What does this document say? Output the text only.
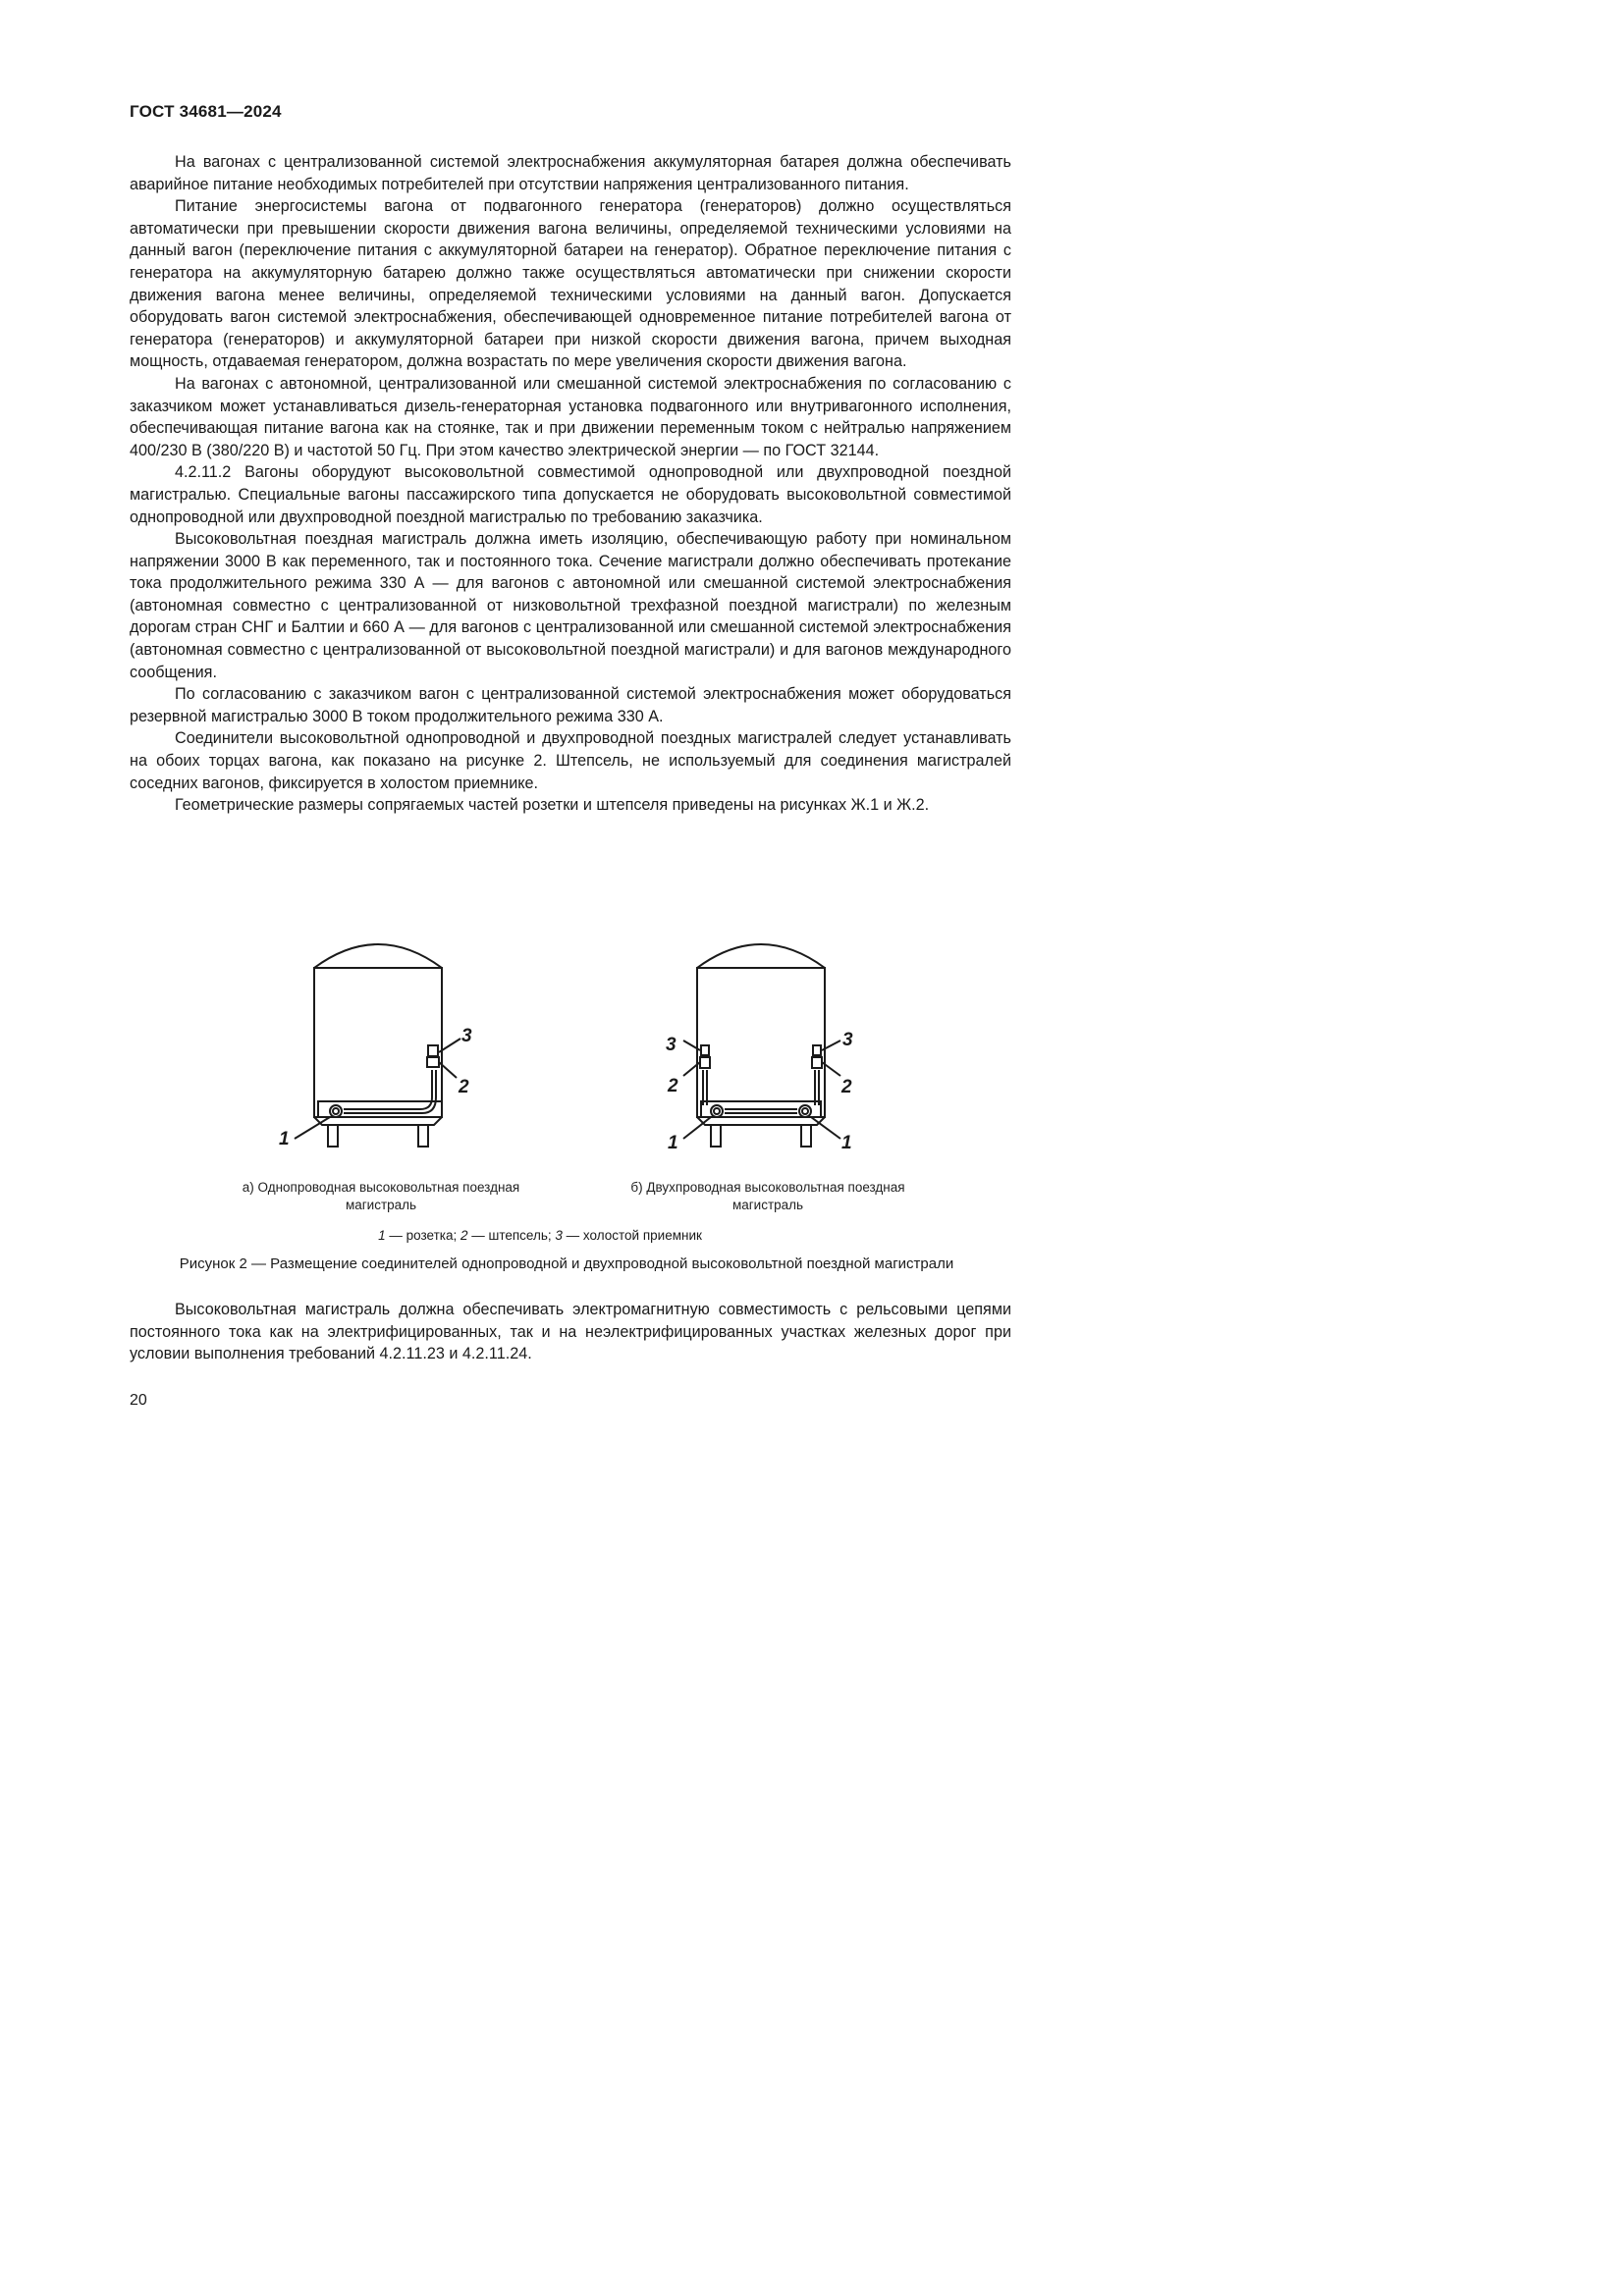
ГОСТ 34681—2024

На вагонах с централизованной системой электроснабжения аккумуляторная батарея должна обеспечивать аварийное питание необходимых потребителей при отсутствии напряжения централизованного питания.

Питание энергосистемы вагона от подвагонного генератора (генераторов) должно осуществляться автоматически при превышении скорости движения вагона величины, определяемой техническими условиями на данный вагон (переключение питания с аккумуляторной батареи на генератор). Обратное переключение питания с генератора на аккумуляторную батарею должно также осуществляться автоматически при снижении скорости движения вагона менее величины, определяемой техническими условиями на данный вагон. Допускается оборудовать вагон системой электроснабжения, обеспечивающей одновременное питание потребителей вагона от генератора (генераторов) и аккумуляторной батареи при низкой скорости движения вагона, причем выходная мощность, отдаваемая генератором, должна возрастать по мере увеличения скорости движения вагона.

На вагонах с автономной, централизованной или смешанной системой электроснабжения по согласованию с заказчиком может устанавливаться дизель-генераторная установка подвагонного или внутривагонного исполнения, обеспечивающая питание вагона как на стоянке, так и при движении переменным током с нейтралью напряжением 400/230 В (380/220 В) и частотой 50 Гц. При этом качество электрической энергии — по ГОСТ 32144.

4.2.11.2 Вагоны оборудуют высоковольтной совместимой однопроводной или двухпроводной поездной магистралью. Специальные вагоны пассажирского типа допускается не оборудовать высоковольтной совместимой однопроводной или двухпроводной поездной магистралью по требованию заказчика.

Высоковольтная поездная магистраль должна иметь изоляцию, обеспечивающую работу при номинальном напряжении 3000 В как переменного, так и постоянного тока. Сечение магистрали должно обеспечивать протекание тока продолжительного режима 330 А — для вагонов с автономной или смешанной системой электроснабжения (автономная совместно с централизованной от низковольтной трехфазной поездной магистрали) по железным дорогам стран СНГ и Балтии и 660 А — для вагонов с централизованной или смешанной системой электроснабжения (автономная совместно с централизованной от высоковольтной поездной магистрали) и для вагонов международного сообщения.

По согласованию с заказчиком вагон с централизованной системой электроснабжения может оборудоваться резервной магистралью 3000 В током продолжительного режима 330 А.

Соединители высоковольтной однопроводной и двухпроводной поездных магистралей следует устанавливать на обоих торцах вагона, как показано на рисунке 2. Штепсель, не используемый для соединения магистралей соседних вагонов, фиксируется в холостом приемнике.

Геометрические размеры сопрягаемых частей розетки и штепселя приведены на рисунках Ж.1 и Ж.2.

3
2
1
3
2
1
3
2
1
а) Однопроводная высоковольтная поездная
магистраль
б) Двухпроводная высоковольтная поездная
магистраль
1 — розетка; 2 — штепсель; 3 — холостой приемник
Рисунок 2 — Размещение соединителей однопроводной и двухпроводной высоковольтной поездной магистрали

Высоковольтная магистраль должна обеспечивать электромагнитную совместимость с рельсовыми цепями постоянного тока как на электрифицированных, так и на неэлектрифицированных участках железных дорог при условии выполнения требований 4.2.11.23 и 4.2.11.24.

20
